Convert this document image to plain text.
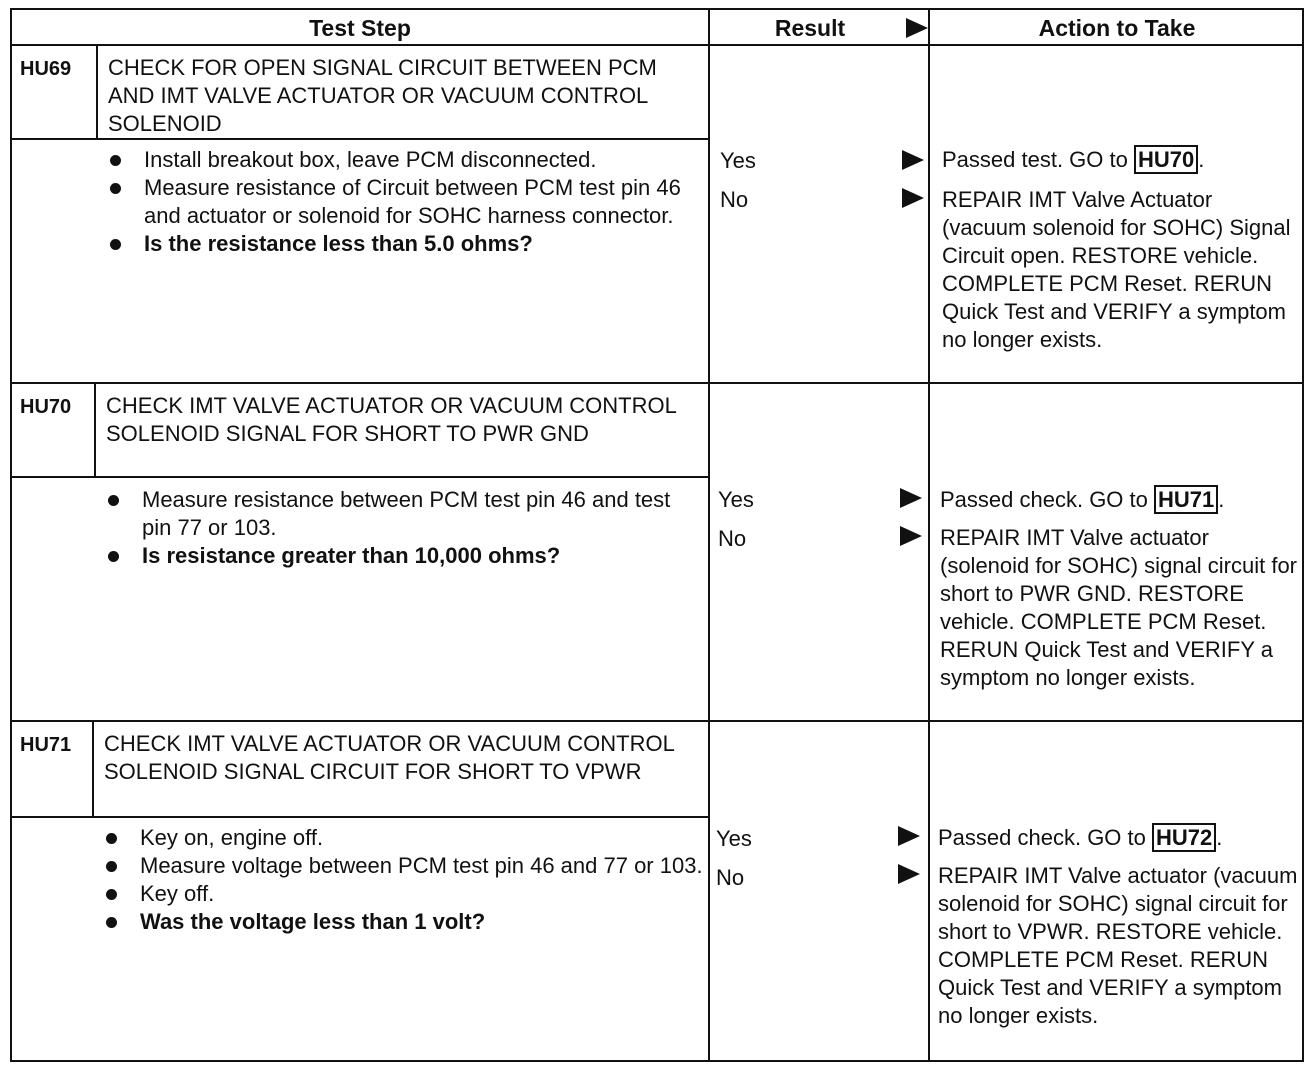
Test Step	Result	Action to Take
HU69 CHECK FOR OPEN SIGNAL CIRCUIT BETWEEN PCM AND IMT VALVE ACTUATOR OR VACUUM CONTROL SOLENOID
Install breakout box, leave PCM disconnected.
Measure resistance of Circuit between PCM test pin 46 and actuator or solenoid for SOHC harness connector.
Is the resistance less than 5.0 ohms?
Yes
No
Passed test. GO to HU70 .
REPAIR IMT Valve Actuator (vacuum solenoid for SOHC) Signal Circuit open. RESTORE vehicle. COMPLETE PCM Reset. RERUN Quick Test and VERIFY a symptom no longer exists.
HU70 CHECK IMT VALVE ACTUATOR OR VACUUM CONTROL SOLENOID SIGNAL FOR SHORT TO PWR GND
Measure resistance between PCM test pin 46 and test pin 77 or 103.
Is resistance greater than 10,000 ohms?
Yes
No
Passed check. GO to HU71 .
REPAIR IMT Valve actuator (solenoid for SOHC) signal circuit for short to PWR GND. RESTORE vehicle. COMPLETE PCM Reset. RERUN Quick Test and VERIFY a symptom no longer exists.
HU71 CHECK IMT VALVE ACTUATOR OR VACUUM CONTROL SOLENOID SIGNAL CIRCUIT FOR SHORT TO VPWR
Key on, engine off.
Measure voltage between PCM test pin 46 and 77 or 103.
Key off.
Was the voltage less than 1 volt?
Yes
No
Passed check. GO to HU72 .
REPAIR IMT Valve actuator (vacuum solenoid for SOHC) signal circuit for short to VPWR. RESTORE vehicle. COMPLETE PCM Reset. RERUN Quick Test and VERIFY a symptom no longer exists.
